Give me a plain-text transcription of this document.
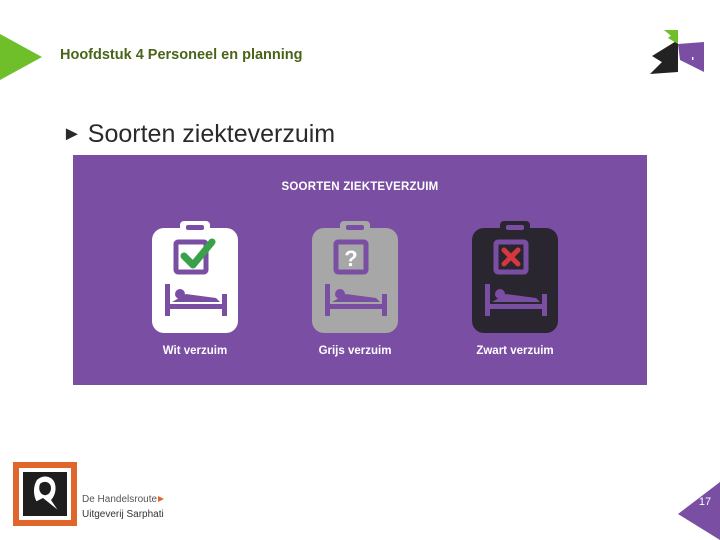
Hoofdstuk 4 Personeel en planning
► Soorten ziekteverzuim
SOORTEN ZIEKTEVERZUIM
Wit verzuim
?
Grijs verzuim	Zwart verzuim
De Handelsroute
Uitgeverij Sarphati
17
